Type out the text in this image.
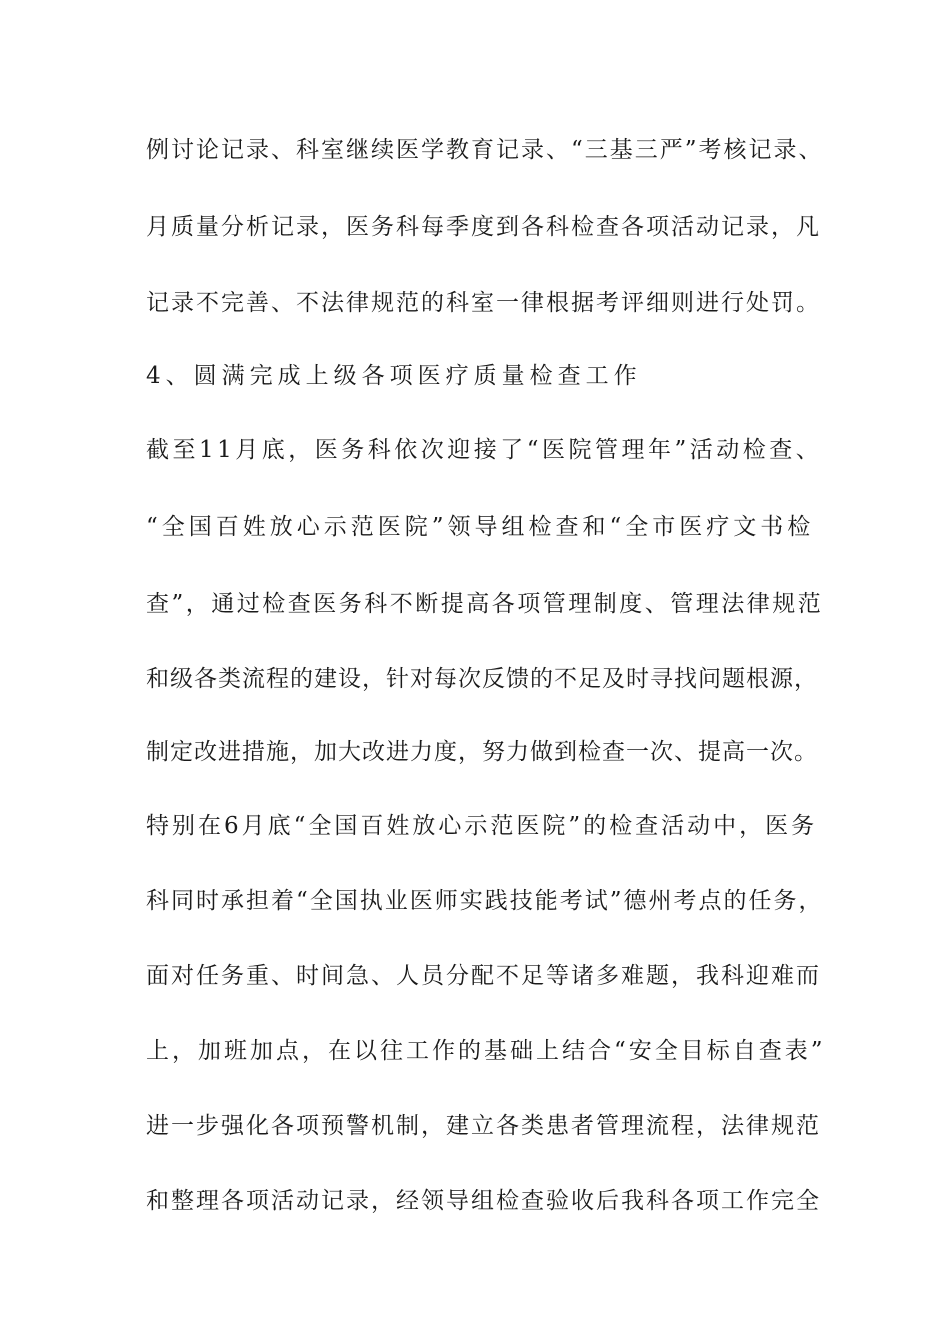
例讨论记录、科室继续医学教育记录、“三基三严”考核记录、
月质量分析记录，医务科每季度到各科检查各项活动记录，凡
记录不完善、不法律规范的科室一律根据考评细则进行处罚。
4、圆满完成上级各项医疗质量检查工作
截至11月底，医务科依次迎接了“医院管理年”活动检查、
“全国百姓放心示范医院”领导组检查和“全市医疗文书检
查”，通过检查医务科不断提高各项管理制度、管理法律规范
和级各类流程的建设，针对每次反馈的不足及时寻找问题根源，
制定改进措施，加大改进力度，努力做到检查一次、提高一次。
特别在6月底“全国百姓放心示范医院”的检查活动中，医务
科同时承担着“全国执业医师实践技能考试”德州考点的任务，
面对任务重、时间急、人员分配不足等诸多难题，我科迎难而
上，加班加点，在以往工作的基础上结合“安全目标自查表”
进一步强化各项预警机制，建立各类患者管理流程，法律规范
和整理各项活动记录，经领导组检查验收后我科各项工作完全
